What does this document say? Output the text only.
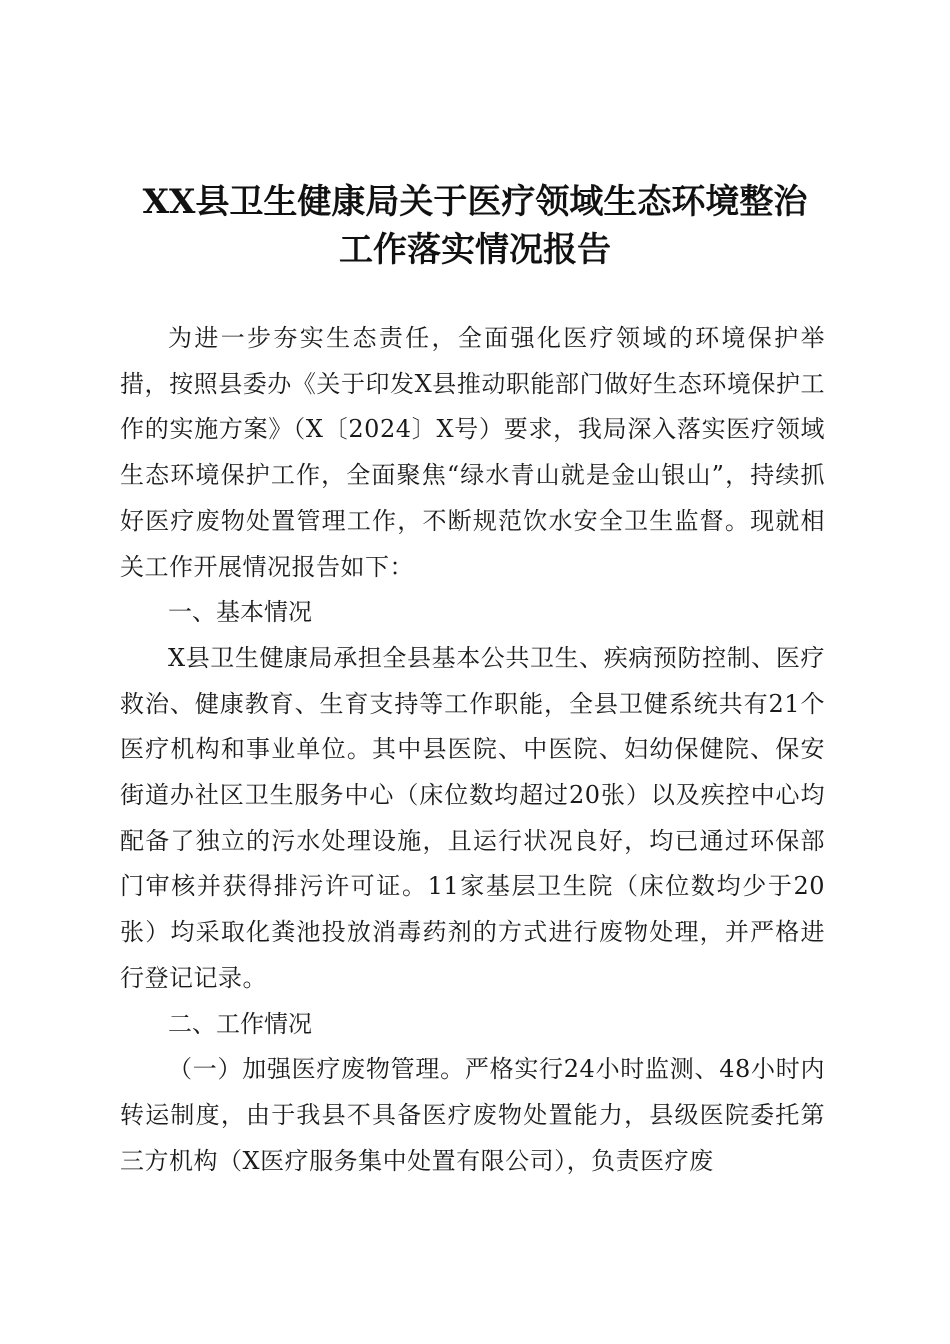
XX县卫生健康局关于医疗领域生态环境整治
工作落实情况报告

为进一步夯实生态责任，全面强化医疗领域的环境保护举措，按照县委办《关于印发X县推动职能部门做好生态环境保护工作的实施方案》（X〔2024〕X号）要求，我局深入落实医疗领域生态环境保护工作，全面聚焦“绿水青山就是金山银山”，持续抓好医疗废物处置管理工作，不断规范饮水安全卫生监督。现就相关工作开展情况报告如下：

一、基本情况

X县卫生健康局承担全县基本公共卫生、疾病预防控制、医疗救治、健康教育、生育支持等工作职能，全县卫健系统共有21个医疗机构和事业单位。其中县医院、中医院、妇幼保健院、保安街道办社区卫生服务中心（床位数均超过20张）以及疾控中心均配备了独立的污水处理设施，且运行状况良好，均已通过环保部门审核并获得排污许可证。11家基层卫生院（床位数均少于20张）均采取化粪池投放消毒药剂的方式进行废物处理，并严格进行登记记录。

二、工作情况

（一）加强医疗废物管理。严格实行24小时监测、48小时内转运制度，由于我县不具备医疗废物处置能力，县级医院委托第三方机构（X医疗服务集中处置有限公司），负责医疗废
